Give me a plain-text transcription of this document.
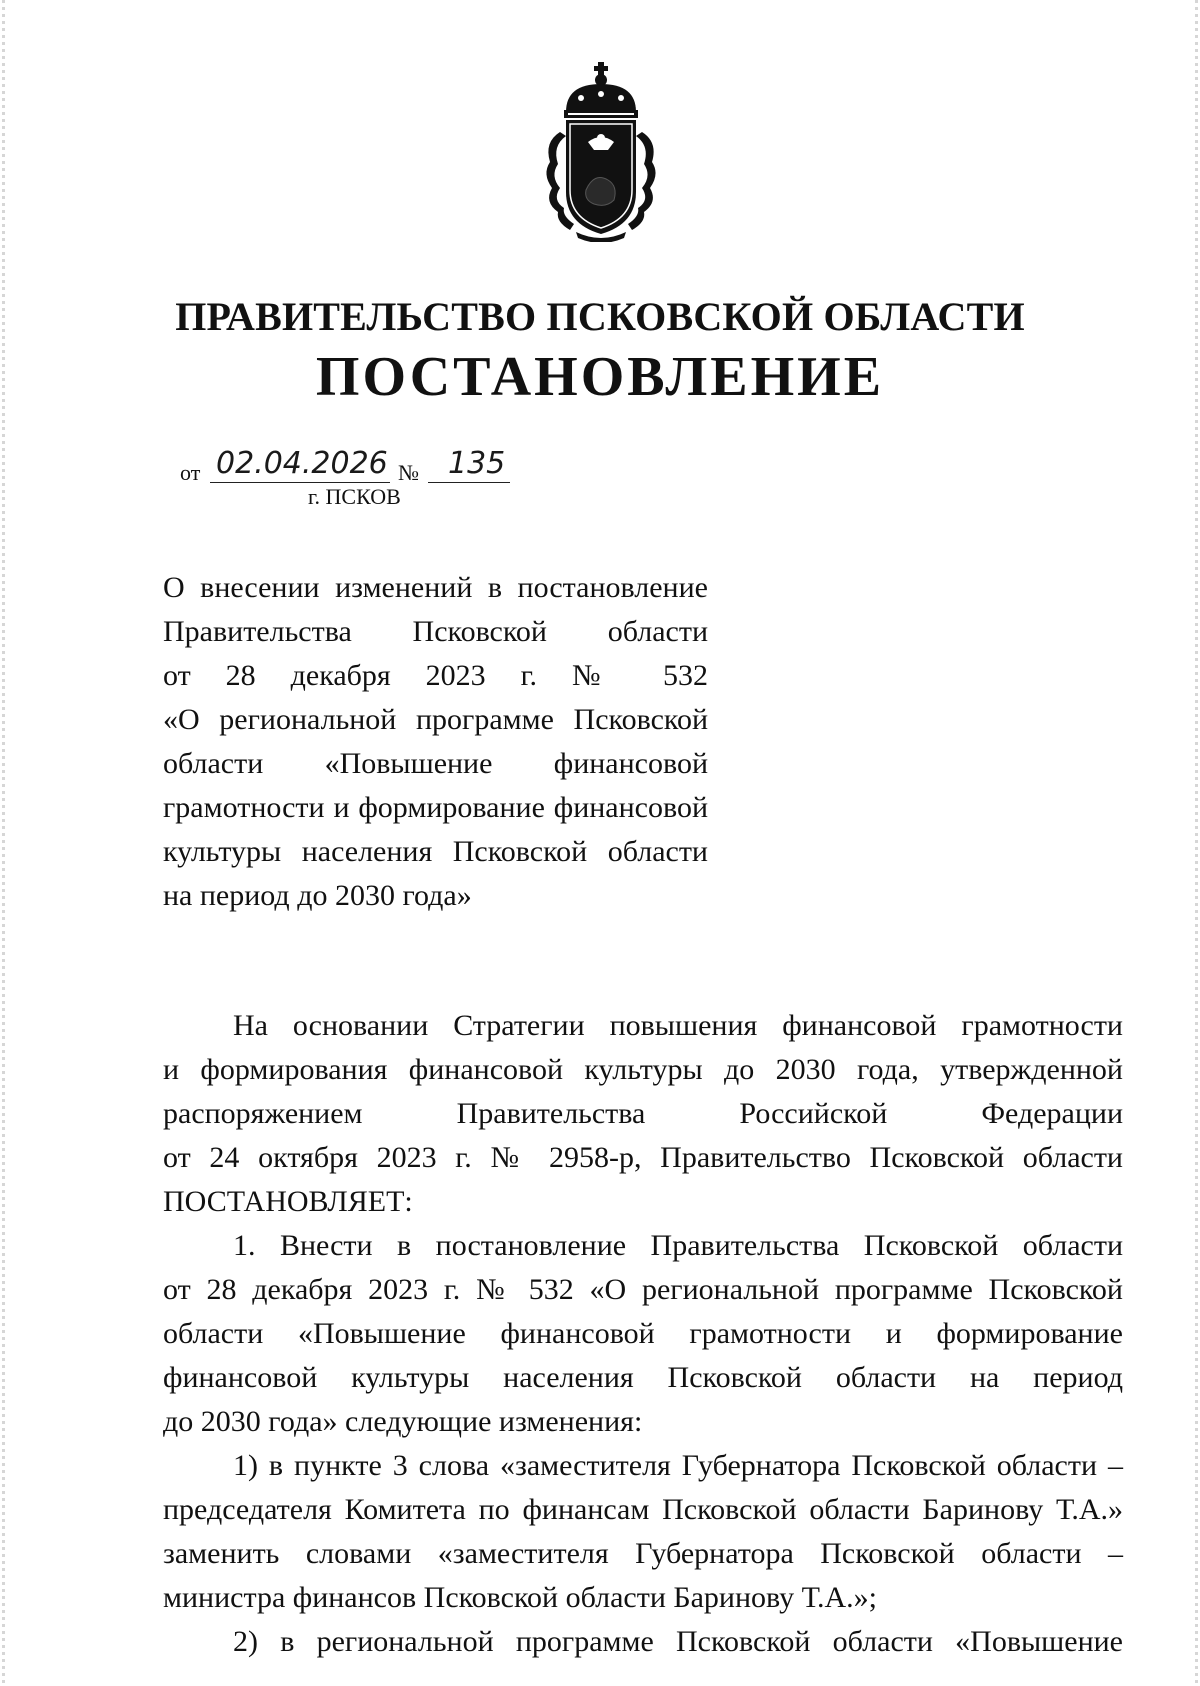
ПРАВИТЕЛЬСТВО ПСКОВСКОЙ ОБЛАСТИ
ПОСТАНОВЛЕНИЕ
от 02.04.2026 № 135
г. ПСКОВ
О внесении изменений в постановление
Правительства Псковской области
от 28 декабря 2023 г. № 532
«О региональной программе Псковской
области «Повышение финансовой
грамотности и формирование финансовой
культуры населения Псковской области
на период до 2030 года»
На основании Стратегии повышения финансовой грамотности
и формирования финансовой культуры до 2030 года, утвержденной
распоряжением Правительства Российской Федерации
от 24 октября 2023 г. № 2958-р, Правительство Псковской области
ПОСТАНОВЛЯЕТ:
1. Внести в постановление Правительства Псковской области
от 28 декабря 2023 г. № 532 «О региональной программе Псковской
области «Повышение финансовой грамотности и формирование
финансовой культуры населения Псковской области на период
до 2030 года» следующие изменения:
1) в пункте 3 слова «заместителя Губернатора Псковской области –
председателя Комитета по финансам Псковской области Баринову Т.А.»
заменить словами «заместителя Губернатора Псковской области –
министра финансов Псковской области Баринову Т.А.»;
2) в региональной программе Псковской области «Повышение
